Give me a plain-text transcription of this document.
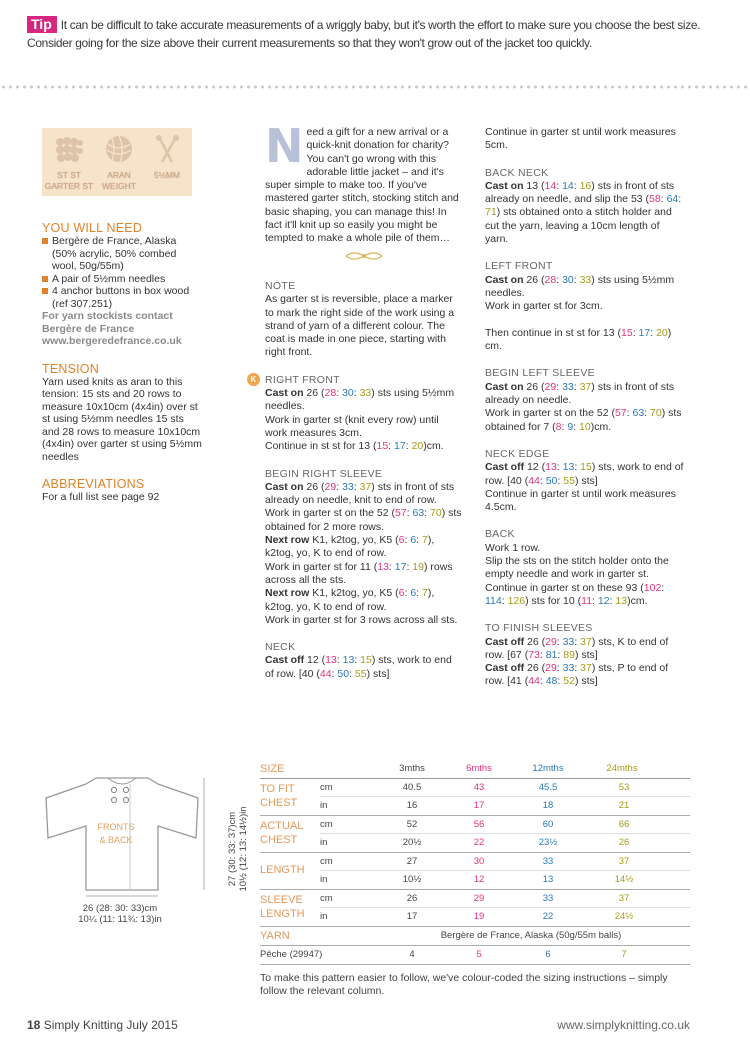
Tip It can be difficult to take accurate measurements of a wriggly baby, but it's worth the effort to make sure you choose the best size. Consider going for the size above their current measurements so that they won't grow out of the jacket too quickly.
ST ST
GARTER ST
ARAN
WEIGHT
5½MM
YOU WILL NEED
Bergère de France, Alaska (50% acrylic, 50% combed wool, 50g/55m)
A pair of 5½mm needles
4 anchor buttons in box wood (ref 307.251)
For yarn stockists contact
Bergère de France
www.bergeredefrance.co.uk
TENSION
Yarn used knits as aran to this tension: 15 sts and 20 rows to measure 10x10cm (4x4in) over st st using 5½mm needles 15 sts and 28 rows to measure 10x10cm (4x4in) over garter st using 5½mm needles
ABBREVIATIONS
For a full list see page 92
Need a gift for a new arrival or a quick-knit donation for charity? You can't go wrong with this adorable little jacket – and it's super simple to make too. If you've mastered garter stitch, stocking stitch and basic shaping, you can manage this! In fact it'll knit up so easily you might be tempted to make a whole pile of them…
NOTE
As garter st is reversible, place a marker to mark the right side of the work using a strand of yarn of a different colour. The coat is made in one piece, starting with right front.
K RIGHT FRONT
Cast on 26 (28: 30: 33) sts using 5½mm needles.
Work in garter st (knit every row) until work measures 3cm.
Continue in st st for 13 (15: 17: 20)cm.
BEGIN RIGHT SLEEVE
Cast on 26 (29: 33: 37) sts in front of sts already on needle, knit to end of row.
Work in garter st on the 52 (57: 63: 70) sts obtained for 2 more rows.
Next row K1, k2tog, yo, K5 (6: 6: 7), k2tog, yo, K to end of row.
Work in garter st for 11 (13: 17: 19) rows across all the sts.
Next row K1, k2tog, yo, K5 (6: 6: 7), k2tog, yo, K to end of row.
Work in garter st for 3 rows across all sts.
NECK
Cast off 12 (13: 13: 15) sts, work to end of row. [40 (44: 50: 55) sts]
Continue in garter st until work measures 5cm.
BACK NECK
Cast on 13 (14: 14: 16) sts in front of sts already on needle, and slip the 53 (58: 64: 71) sts obtained onto a stitch holder and cut the yarn, leaving a 10cm length of yarn.
LEFT FRONT
Cast on 26 (28: 30: 33) sts using 5½mm needles.
Work in garter st for 3cm.

Then continue in st st for 13 (15: 17: 20) cm.
BEGIN LEFT SLEEVE
Cast on 26 (29: 33: 37) sts in front of sts already on needle.
Work in garter st on the 52 (57: 63: 70) sts obtained for 7 (8: 9: 10)cm.
NECK EDGE
Cast off 12 (13: 13: 15) sts, work to end of row. [40 (44: 50: 55) sts]
Continue in garter st until work measures 4.5cm.
BACK
Work 1 row.
Slip the sts on the stitch holder onto the empty needle and work in garter st. Continue in garter st on these 93 (102: 114: 126) sts for 10 (11: 12: 13)cm.
TO FINISH SLEEVES
Cast off 26 (29: 33: 37) sts, K to end of row. [67 (73: 81: 89) sts]
Cast off 26 (29: 33: 37) sts, P to end of row. [41 (44: 48: 52) sts]
FRONTS
& BACK
26 (28: 30: 33)cm
10¼ (11: 11¾: 13)in
27 (30: 33: 37)cm 10½ (12: 13: 14½)in
SIZE		3mths	6mths	12mths	24mths
TO FIT
CHEST
cm	40.5	43	45.5	53
in	16	17	18	21
ACTUAL
CHEST
cm	52	56	60	66
in	20½	22	23½	26
LENGTH
cm	27	30	33	37
in	10½	12	13	14½
SLEEVE
LENGTH
cm	26	29	33	37
in	17	19	22	24½
YARN	Bergère de France, Alaska (50g/55m balls)
Pêche (29947)	4	5	6	7
To make this pattern easier to follow, we've colour-coded the sizing instructions – simply follow the relevant column.
18 Simply Knitting July 2015	www.simplyknitting.co.uk
